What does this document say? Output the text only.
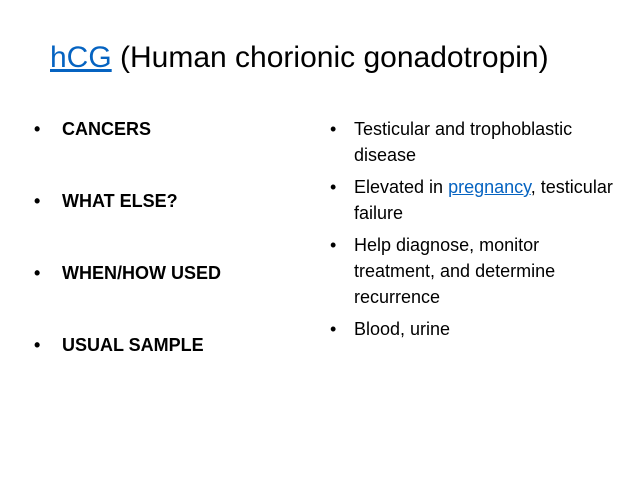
hCG (Human chorionic gonadotropin)
• CANCERS
• WHAT ELSE?
• WHEN/HOW USED
• USUAL SAMPLE
• Testicular and trophoblastic disease
• Elevated in pregnancy, testicular failure
• Help diagnose, monitor treatment, and determine recurrence
• Blood, urine
